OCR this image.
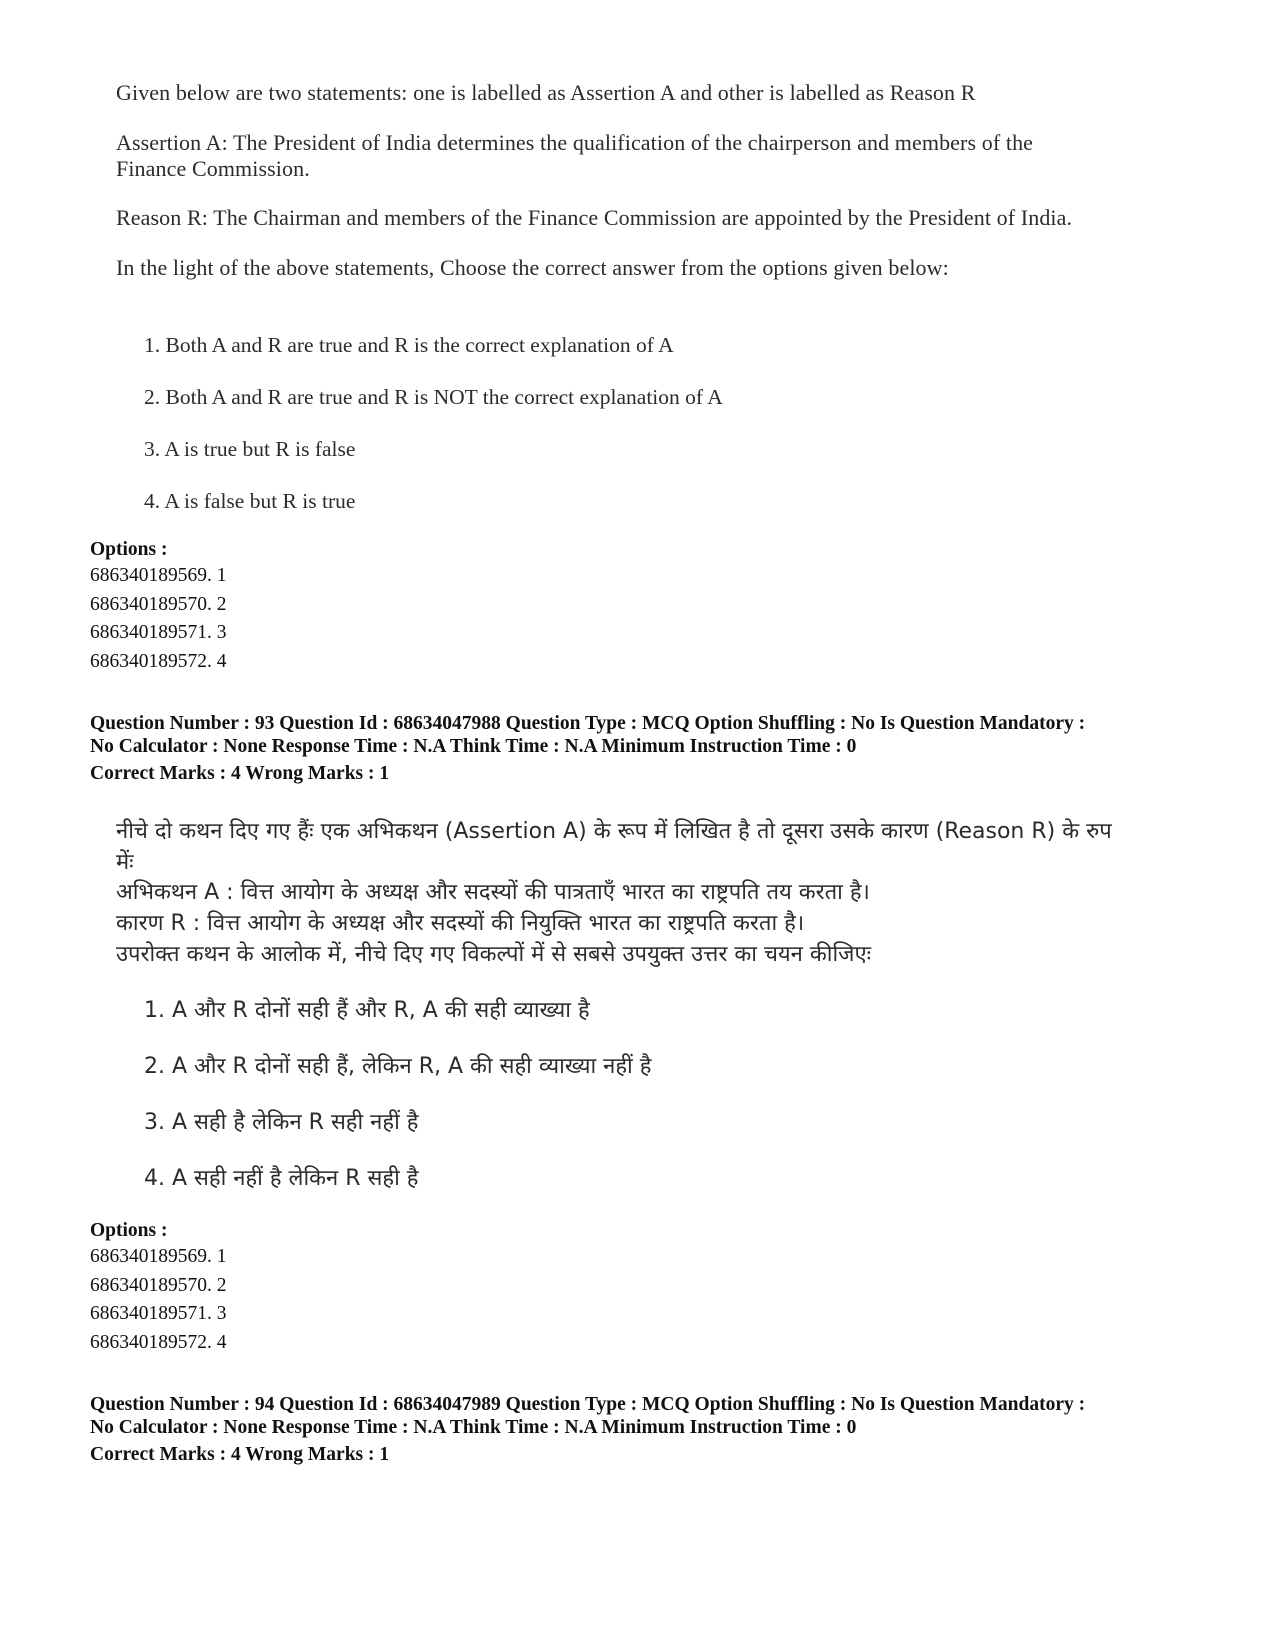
Given below are two statements: one is labelled as Assertion A and other is labelled as Reason R

Assertion A: The President of India determines the qualification of the chairperson and members of the Finance Commission.

Reason R: The Chairman and members of the Finance Commission are appointed by the President of India.

In the light of the above statements, Choose the correct answer from the options given below:

1. Both A and R are true and R is the correct explanation of A

2. Both A and R are true and R is NOT the correct explanation of A

3. A is true but R is false

4. A is false but R is true

Options :

686340189569. 1
686340189570. 2
686340189571. 3
686340189572. 4

Question Number : 93 Question Id : 68634047988 Question Type : MCQ Option Shuffling : No Is Question Mandatory :

No Calculator : None Response Time : N.A Think Time : N.A Minimum Instruction Time : 0

Correct Marks : 4 Wrong Marks : 1

नीचे दो कथन दिए गए हैंः एक अभिकथन (Assertion A) के रूप में लिखित है तो दूसरा उसके कारण (Reason R) के रुप मेंः

अभिकथन A : वित्त आयोग के अध्यक्ष और सदस्यों की पात्रताएँ भारत का राष्ट्रपति तय करता है।

कारण R : वित्त आयोग के अध्यक्ष और सदस्यों की नियुक्ति भारत का राष्ट्रपति करता है।

उपरोक्त कथन के आलोक में, नीचे दिए गए विकल्पों में से सबसे उपयुक्त उत्तर का चयन कीजिएः

1. A और R दोनों सही हैं और R, A की सही व्याख्या है

2. A और R दोनों सही हैं, लेकिन R, A की सही व्याख्या नहीं है

3. A सही है लेकिन R सही नहीं है

4. A सही नहीं है लेकिन R सही है

Options :

686340189569. 1
686340189570. 2
686340189571. 3
686340189572. 4

Question Number : 94 Question Id : 68634047989 Question Type : MCQ Option Shuffling : No Is Question Mandatory :

No Calculator : None Response Time : N.A Think Time : N.A Minimum Instruction Time : 0

Correct Marks : 4 Wrong Marks : 1
